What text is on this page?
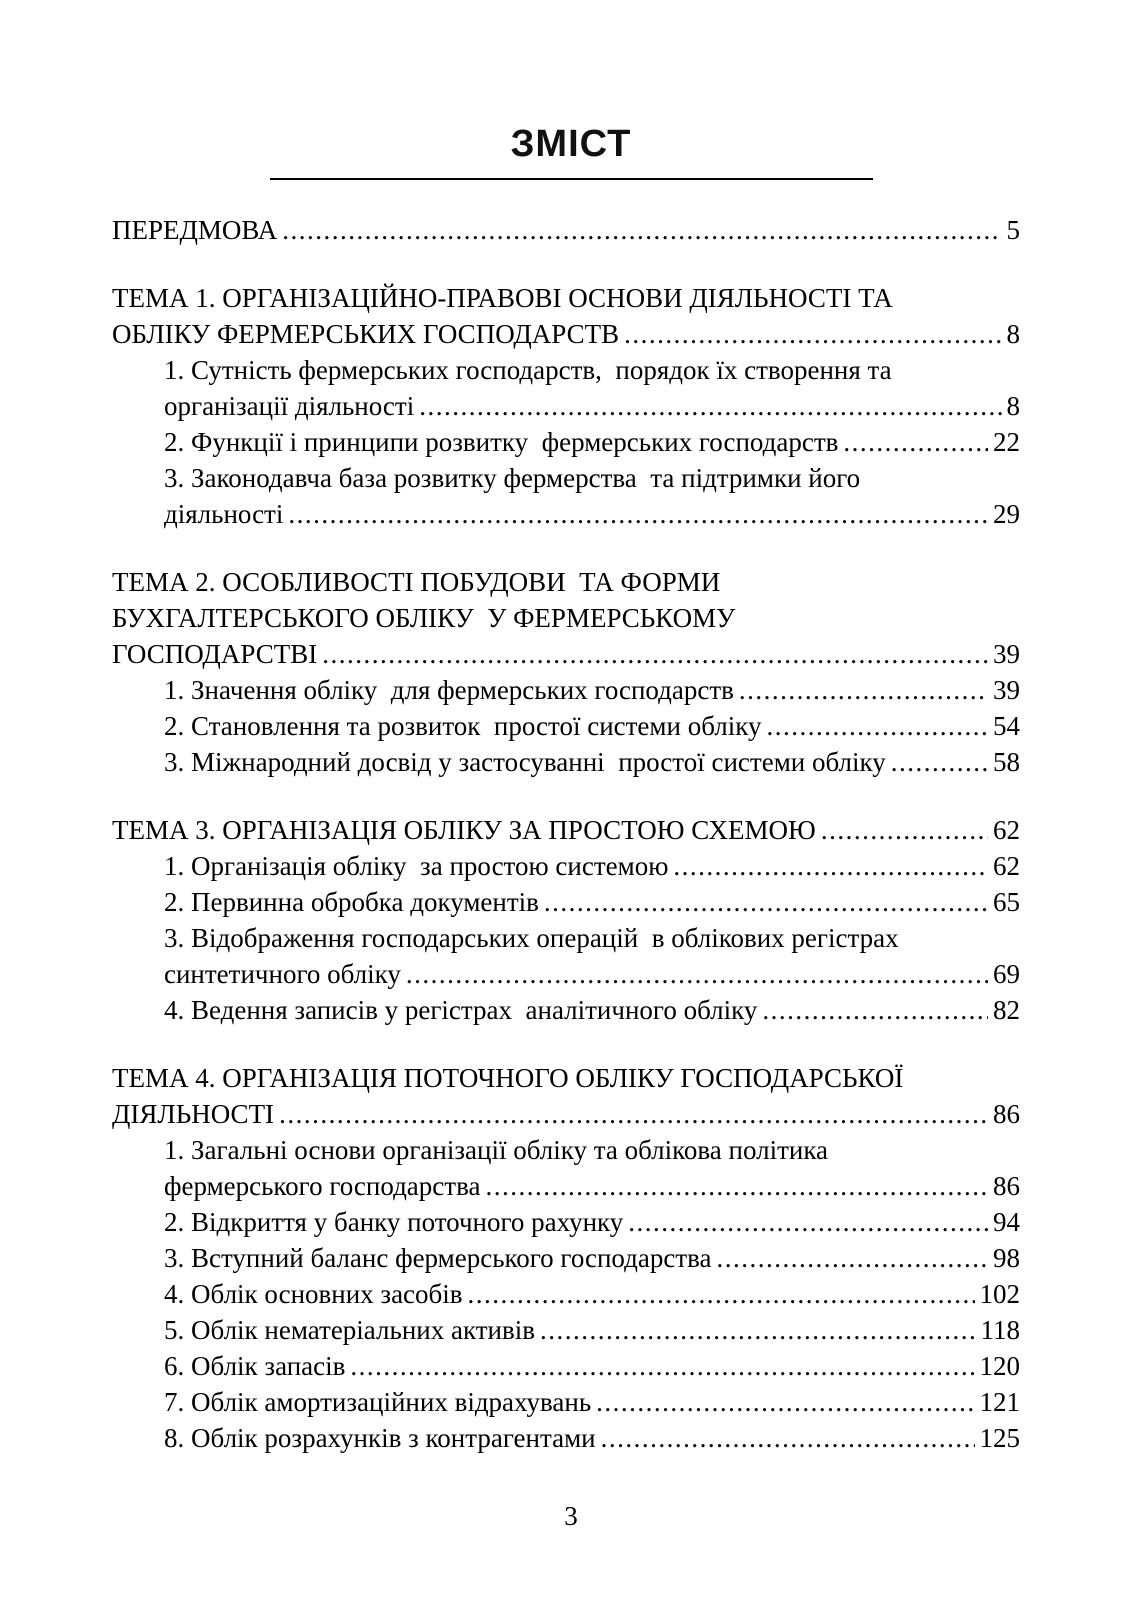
ЗМІСТ
ПЕРЕДМОВА .....	5
ТЕМА 1. ОРГАНІЗАЦІЙНО-ПРАВОВІ ОСНОВИ ДІЯЛЬНОСТІ ТА
ОБЛІКУ ФЕРМЕРСЬКИХ ГОСПОДАРСТВ .....	8
1. Сутність фермерських господарств,  порядок їх створення та
організації діяльності .....	8
2. Функції і принципи розвитку  фермерських господарств .....	22
3. Законодавча база розвитку фермерства  та підтримки його
діяльності .....	29
ТЕМА 2. ОСОБЛИВОСТІ ПОБУДОВИ  ТА ФОРМИ
БУХГАЛТЕРСЬКОГО ОБЛІКУ  У ФЕРМЕРСЬКОМУ
ГОСПОДАРСТВІ .....	39
1. Значення обліку  для фермерських господарств .....	39
2. Становлення та розвиток  простої системи обліку .....	54
3. Міжнародний досвід у застосуванні  простої системи обліку .....	58
ТЕМА 3. ОРГАНІЗАЦІЯ ОБЛІКУ ЗА ПРОСТОЮ СХЕМОЮ .....	62
1. Організація обліку  за простою системою .....	62
2. Первинна обробка документів .....	65
3. Відображення господарських операцій  в облікових регістрах
синтетичного обліку .....	69
4. Ведення записів у регістрах  аналітичного обліку .....	82
ТЕМА 4. ОРГАНІЗАЦІЯ ПОТОЧНОГО ОБЛІКУ ГОСПОДАРСЬКОЇ
ДІЯЛЬНОСТІ .....	86
1. Загальні основи організації обліку та облікова політика
фермерського господарства .....	86
2. Відкриття у банку поточного рахунку .....	94
3. Вступний баланс фермерського господарства .....	98
4. Облік основних засобів .....	102
5. Облік нематеріальних активів .....	118
6. Облік запасів .....	120
7. Облік амортизаційних відрахувань .....	121
8. Облік розрахунків з контрагентами .....	125
3
